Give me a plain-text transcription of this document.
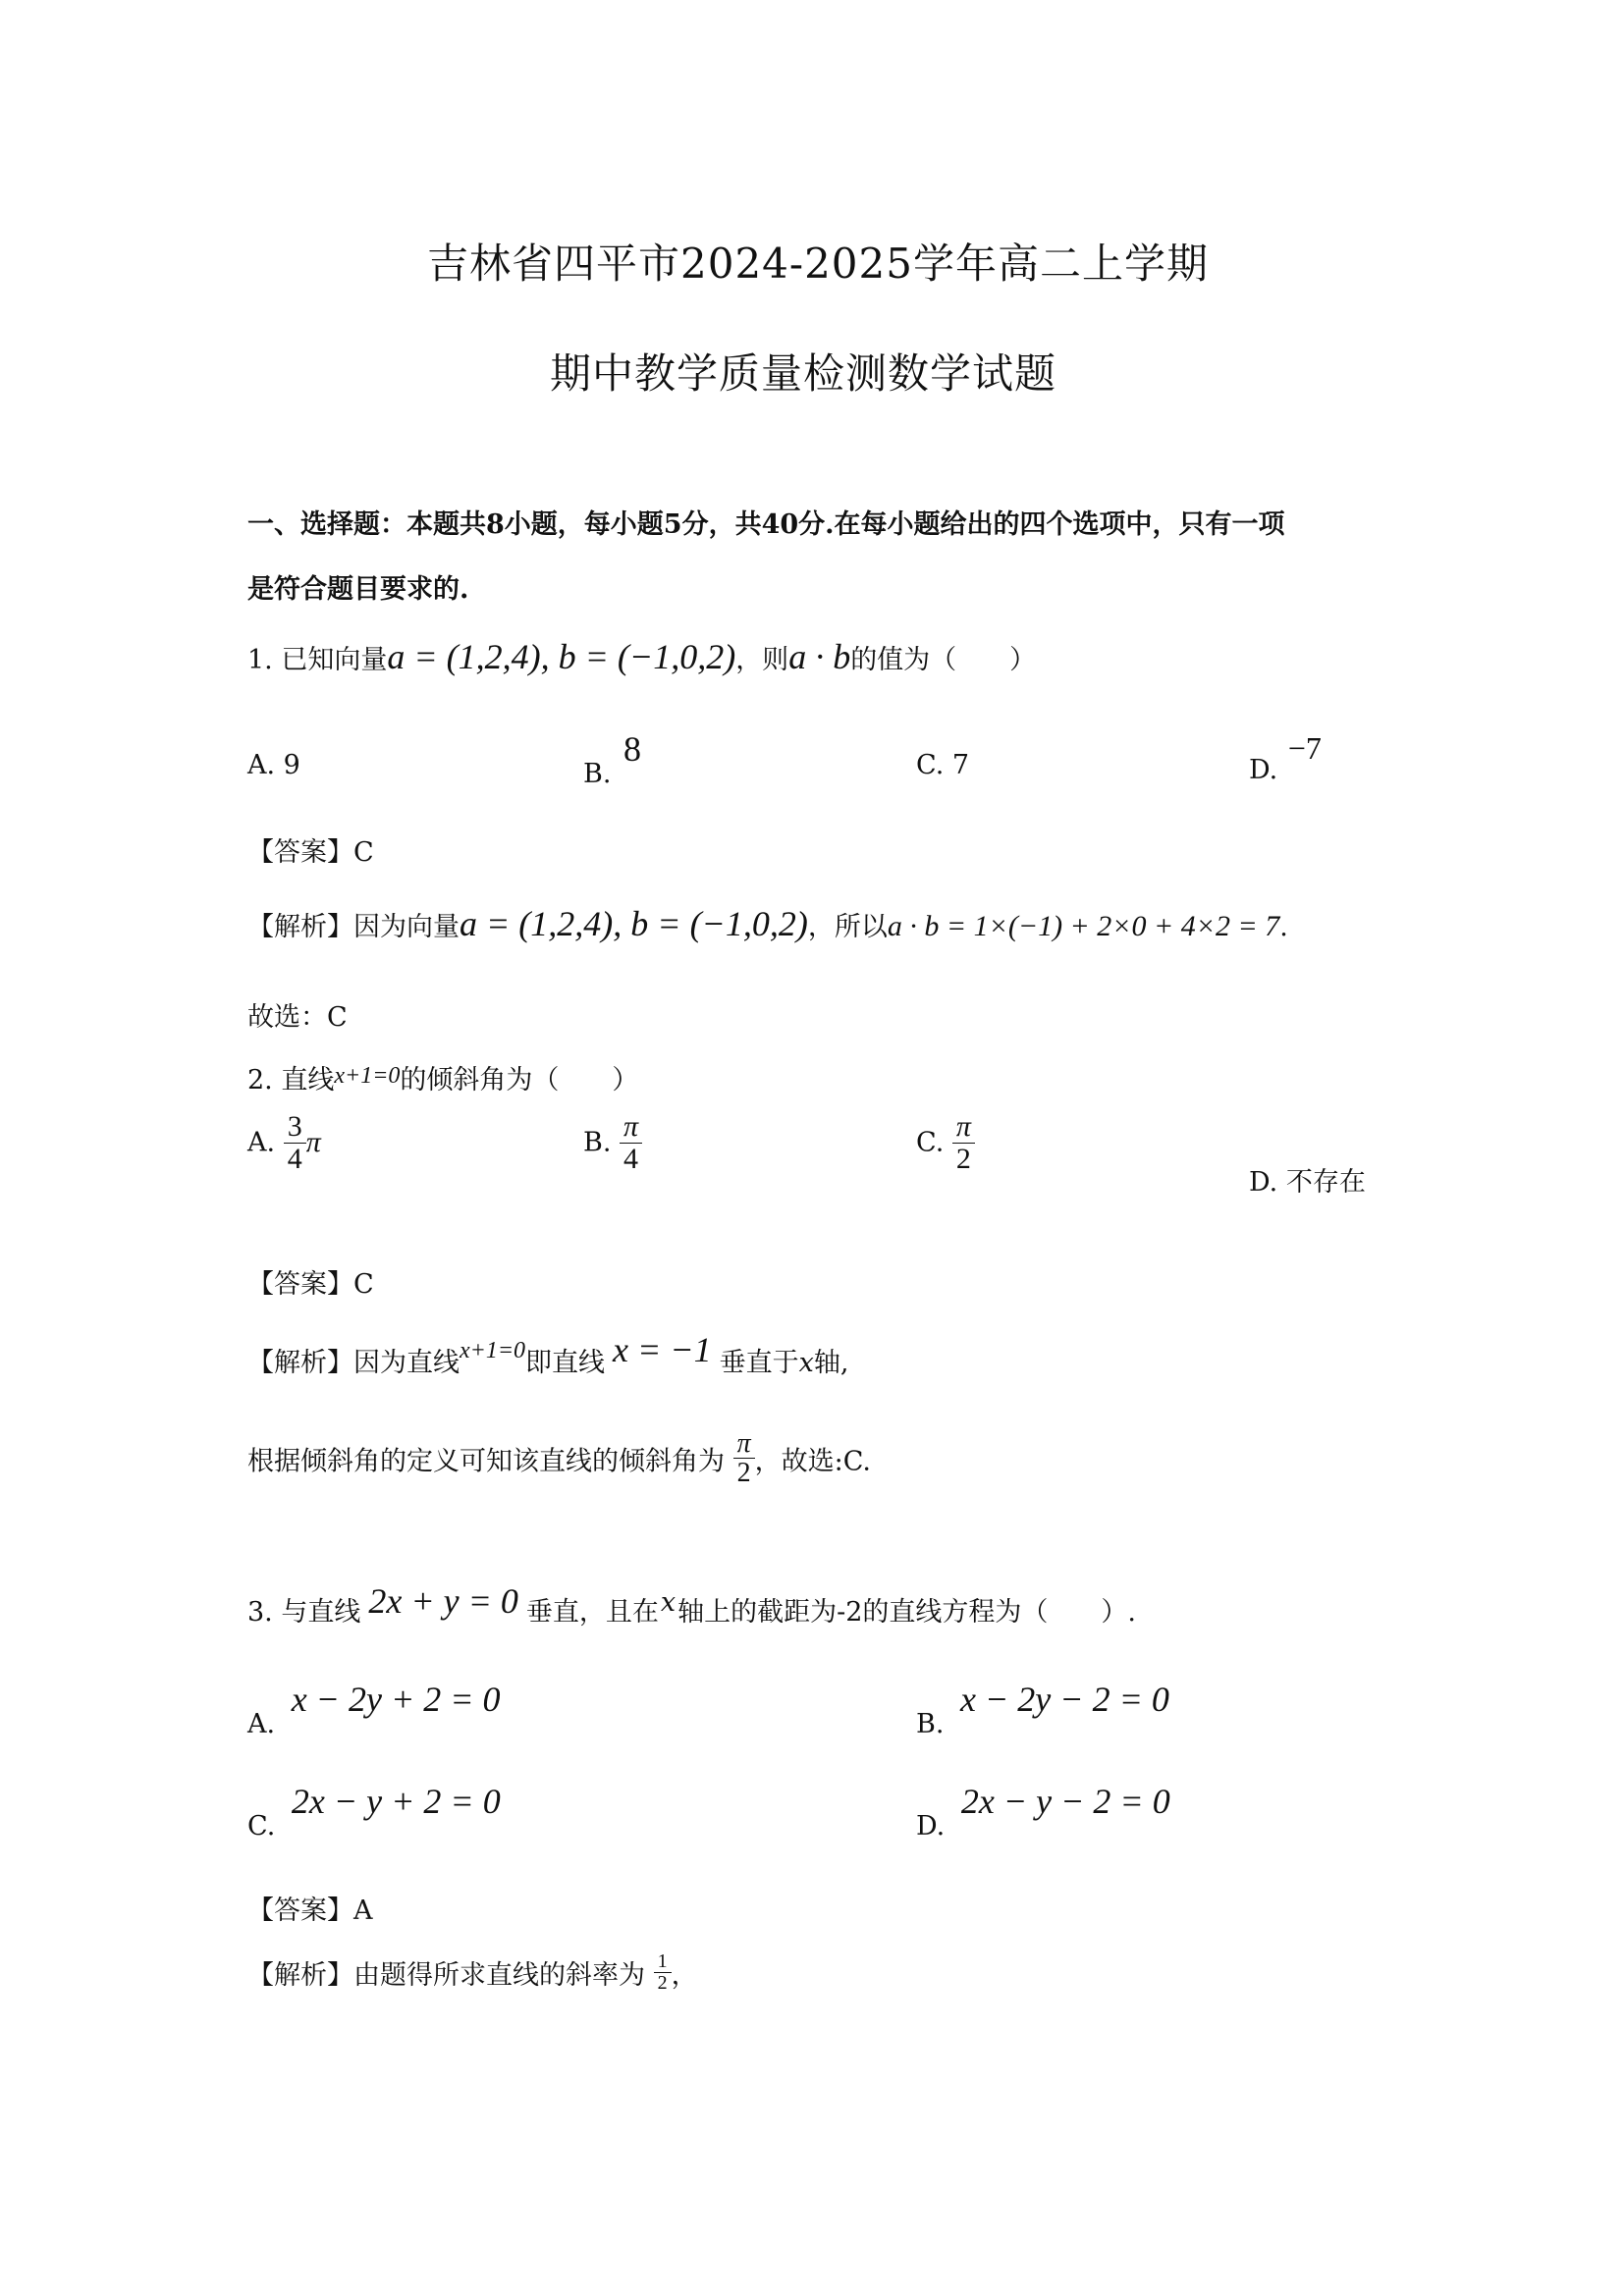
吉林省四平市2024-2025学年高二上学期
期中教学质量检测数学试题
一、选择题：本题共8小题，每小题5分，共40分.在每小题给出的四个选项中，只有一项
是符合题目要求的.
1. 已知向量a = (1,2,4), b = (−1,0,2)，则a · b的值为（　　）
A. 9	B. 8	C. 7	D. −7
【答案】C
【解析】因为向量a = (1,2,4), b = (−1,0,2)，所以a · b = 1×(−1) + 2×0 + 4×2 = 7.
故选：C
2. 直线x+1=0的倾斜角为（　　）
A. $\frac{3}{4}$ π	B. $\frac{\pi}{4}$	C. $\frac{\pi}{2}$
D. 不存在
【答案】C
【解析】因为直线x+1=0即直线 x = −1 垂直于x轴,
根据倾斜角的定义可知该直线的倾斜角为 $\frac{\pi}{2}$ ，故选:C.
3. 与直线 2x + y = 0 垂直，且在x轴上的截距为-2的直线方程为（　　）.
A. x − 2y + 2 = 0
B. x − 2y − 2 = 0
C. 2x − y + 2 = 0
D. 2x − y − 2 = 0
【答案】A
【解析】由题得所求直线的斜率为 $\frac{1}{2}$ ，
